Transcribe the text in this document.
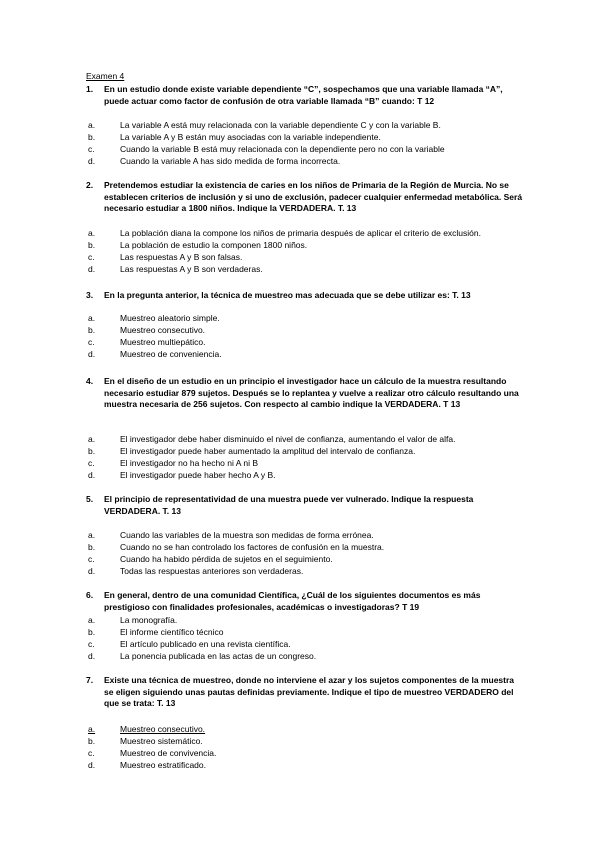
Examen 4
1. En un estudio donde existe variable dependiente “C”, sospechamos que una variable llamada “A”, puede actuar como factor de confusión de otra variable llamada “B” cuando: T 12
a.	La variable A está muy relacionada con la variable dependiente C y con la variable B.
b.	La variable A y B están muy asociadas con la variable independiente.
c.	Cuando la variable B está muy relacionada con la dependiente pero no con la variable
d.	Cuando la variable A has sido medida de forma incorrecta.
2. Pretendemos estudiar la existencia de caries en los niños de Primaria de la Región de Murcia. No se establecen criterios de inclusión y si uno de exclusión, padecer cualquier enfermedad metabólica. Será necesario estudiar a 1800 niños. Indique la VERDADERA. T. 13
a.	La población diana la compone los niños de primaria después de aplicar el criterio de exclusión.
b.	La población de estudio la componen 1800 niños.
c.	Las respuestas A y B son falsas.
d.	Las respuestas A y B son verdaderas.
3. En la pregunta anterior, la técnica de muestreo mas adecuada que se debe utilizar es: T. 13
a.	Muestreo aleatorio simple.
b.	Muestreo consecutivo.
c.	Muestreo multiepático.
d.	Muestreo de conveniencia.
4. En el diseño de un estudio en un principio el investigador hace un cálculo de la muestra resultando necesario estudiar 879 sujetos. Después se lo replantea y vuelve a realizar otro cálculo resultando una muestra necesaria de 256 sujetos. Con respecto al cambio indique la VERDADERA. T 13
a.	El investigador debe haber disminuido el nivel de confianza, aumentando el valor de alfa.
b.	El investigador puede haber aumentado la amplitud del intervalo de confianza.
c.	El investigador no ha hecho ni A ni B
d.	El investigador puede haber hecho A y B.
5. El principio de representatividad de una muestra puede ver vulnerado. Indique la respuesta VERDADERA. T. 13
a.	Cuando las variables de la muestra son medidas de forma errónea.
b.	Cuando no se han controlado los factores de confusión en la muestra.
c.	Cuando ha habido pérdida de sujetos en el seguimiento.
d.	Todas las respuestas anteriores son verdaderas.
6. En general, dentro de una comunidad Científica, ¿Cuál de los siguientes documentos es más prestigioso con finalidades profesionales, académicas o investigadoras? T 19
a.	La monografía.
b.	El informe científico técnico
c.	El artículo publicado en una revista científica.
d.	La ponencia publicada en las actas de un congreso.
7. Existe una técnica de muestreo, donde no interviene el azar y los sujetos componentes de la muestra se eligen siguiendo unas pautas definidas previamente. Indique el tipo de muestreo VERDADERO del que se trata: T. 13
a.	Muestreo consecutivo.
b.	Muestreo sistemático.
c.	Muestreo de convivencia.
d.	Muestreo estratificado.
